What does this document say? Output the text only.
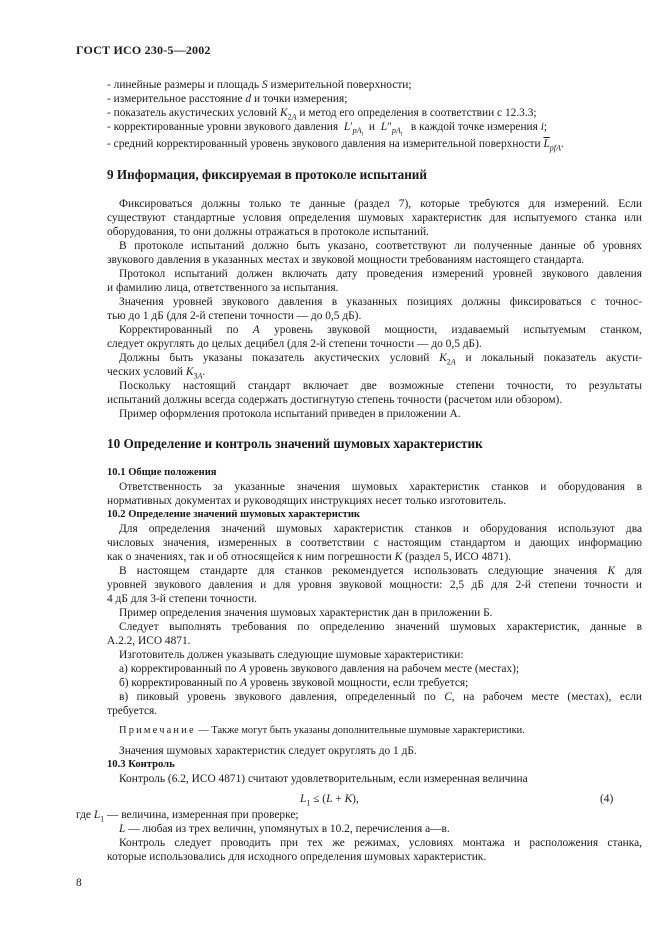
ГОСТ ИСО 230-5—2002
- линейные размеры и площадь S измерительной поверхности;
- измерительное расстояние d и точки измерения;
- показатель акустических условий $K_{2A}$ и метод его определения в соответствии с 12.3.3;
- корректированные уровни звукового давления  $L'_{pA_i}$  и  $L''_{pA_i}$   в каждой точке измерения i;
- средний корректированный уровень звукового давления на измерительной поверхности $\overline{L}_{pfA}$.
9 Информация, фиксируемая в протоколе испытаний
Фиксироваться должны только те данные (раздел 7), которые требуются для измерений. Если
существуют стандартные условия определения шумовых характеристик для испытуемого станка или
оборудования, то они должны отражаться в протоколе испытаний.
В протоколе испытаний должно быть указано, соответствуют ли полученные данные об уровнях
звукового давления в указанных местах и звуковой мощности требованиям настоящего стандарта.
Протокол испытаний должен включать дату проведения измерений уровней звукового давления
и фамилию лица, ответственного за испытания.
Значения уровней звукового давления в указанных позициях должны фиксироваться с точнос-
тью до 1 дБ (для 2-й степени точности — до 0,5 дБ).
Корректированный по A уровень звуковой мощности, издаваемый испытуемым станком,
следует округлять до целых децибел (для 2-й степени точности — до 0,5 дБ).
Должны быть указаны показатель акустических условий $K_{2A}$ и локальный показатель акусти-
ческих условий $K_{3A}$.
Поскольку настоящий стандарт включает две возможные степени точности, то результаты
испытаний должны всегда содержать достигнутую степень точности (расчетом или обзором).
Пример оформления протокола испытаний приведен в приложении А.
10 Определение и контроль значений шумовых характеристик
10.1 Общие положения
Ответственность за указанные значения шумовых характеристик станков и оборудования в
нормативных документах и руководящих инструкциях несет только изготовитель.
10.2 Определение значений шумовых характеристик
Для определения значений шумовых характеристик станков и оборудования используют два
числовых значения, измеренных в соответствии с настоящим стандартом и дающих информацию
как о значениях, так и об относящейся к ним погрешности K (раздел 5, ИСО 4871).
В настоящем стандарте для станков рекомендуется использовать следующие значения K для
уровней звукового давления и для уровня звуковой мощности: 2,5 дБ для 2-й степени точности и
4 дБ для 3-й степени точности.
Пример определения значения шумовых характеристик дан в приложении Б.
Следует выполнять требования по определению значений шумовых характеристик, данные в
А.2.2, ИСО 4871.
Изготовитель должен указывать следующие шумовые характеристики:
а) корректированный по A уровень звукового давления на рабочем месте (местах);
б) корректированный по A уровень звуковой мощности, если требуется;
в) пиковый уровень звукового давления, определенный по C, на рабочем месте (местах), если
требуется.
Примечание — Также могут быть указаны дополнительные шумовые характеристики.
Значения шумовых характеристик следует округлять до 1 дБ.
10.3 Контроль
Контроль (6.2, ИСО 4871) считают удовлетворительным, если измеренная величина
$L_1 \le (L + K)$,	(4)
где $L_1$ — величина, измеренная при проверке;
L — любая из трех величин, упомянутых в 10.2, перечисления а—в.
Контроль следует проводить при тех же режимах, условиях монтажа и расположения станка,
которые использовались для исходного определения шумовых характеристик.
8
